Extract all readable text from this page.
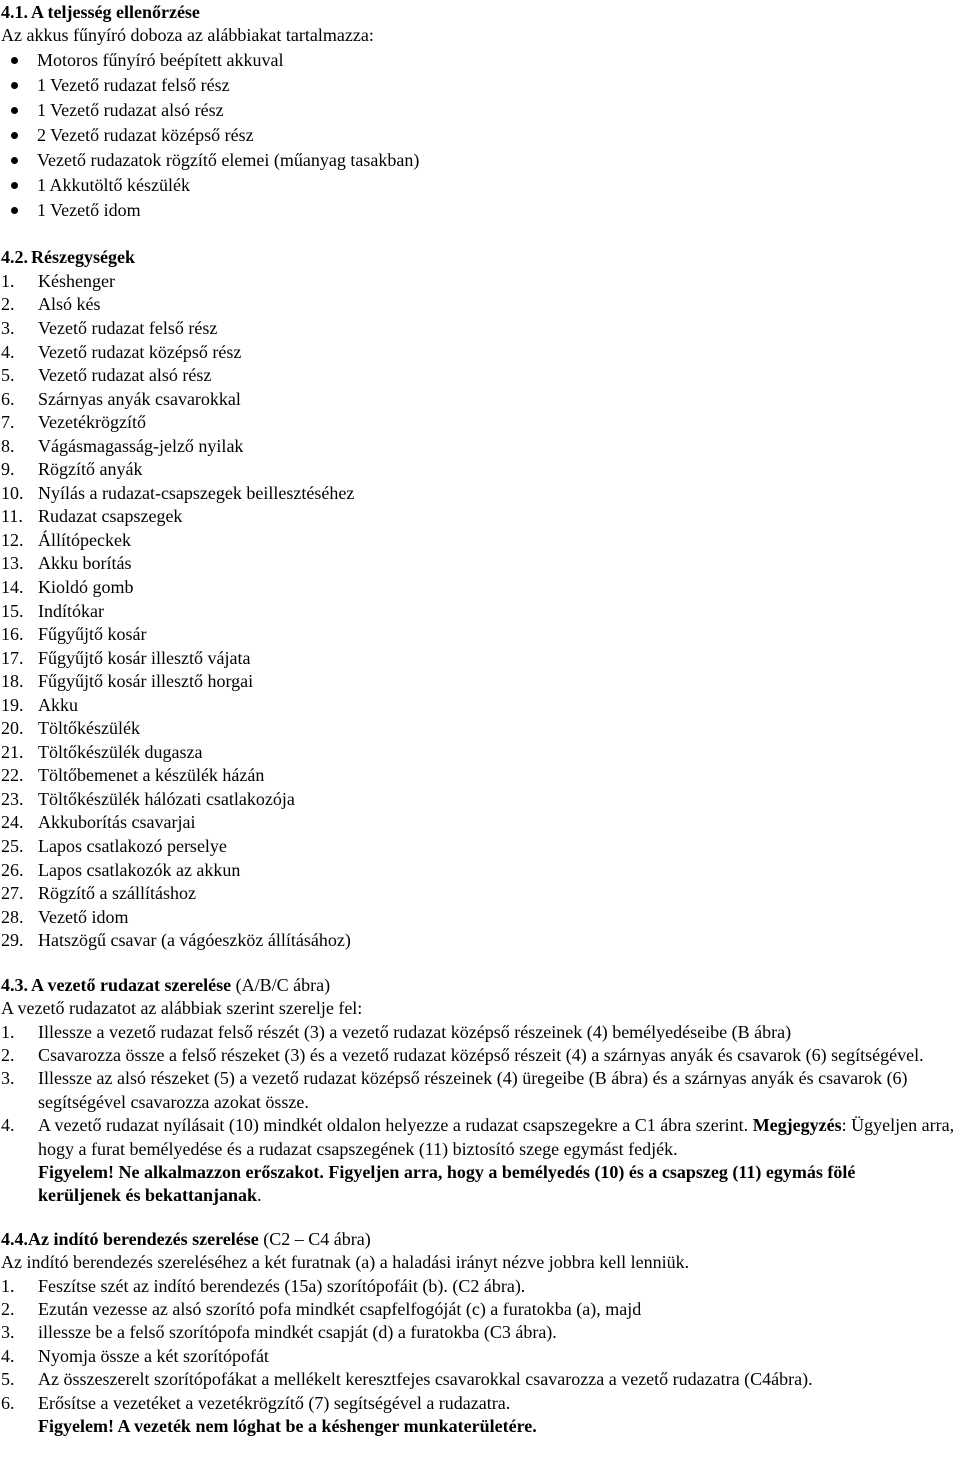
4.1. A teljesség ellenőrzése
Az akkus fűnyíró doboza az alábbiakat tartalmazza:
Motoros fűnyíró beépített akkuval
1 Vezető rudazat felső rész
1 Vezető rudazat alsó rész
2 Vezető rudazat középső rész
Vezető rudazatok rögzítő elemei (műanyag tasakban)
1 Akkutöltő készülék
1 Vezető idom
4.2. Részegységek
1. Késhenger
2. Alsó kés
3. Vezető rudazat felső rész
4. Vezető rudazat középső rész
5. Vezető rudazat alsó rész
6. Szárnyas anyák csavarokkal
7. Vezetékrögzítő
8. Vágásmagasság-jelző nyilak
9. Rögzítő anyák
10. Nyílás a rudazat-csapszegek beillesztéséhez
11. Rudazat csapszegek
12. Állítópeckek
13. Akku borítás
14. Kioldó gomb
15. Indítókar
16. Fűgyűjtő kosár
17. Fűgyűjtő kosár illesztő vájata
18. Fűgyűjtő kosár illesztő horgai
19. Akku
20. Töltőkészülék
21. Töltőkészülék dugasza
22. Töltőbemenet a készülék házán
23. Töltőkészülék hálózati csatlakozója
24. Akkuborítás csavarjai
25. Lapos csatlakozó perselye
26. Lapos csatlakozók az akkun
27. Rögzítő a szállításhoz
28. Vezető idom
29. Hatszögű csavar (a vágóeszköz állításához)
4.3. A vezető rudazat szerelése (A/B/C ábra)
A vezető rudazatot az alábbiak szerint szerelje fel:
1. Illessze a vezető rudazat felső részét (3) a vezető rudazat középső részeinek (4) bemélyedéseibe (B ábra)
2. Csavarozza össze a felső részeket (3) és a vezető rudazat középső részeit (4) a szárnyas anyák és csavarok (6) segítségével.
3. Illessze az alsó részeket (5) a vezető rudazat középső részeinek (4) üregeibe (B ábra) és a szárnyas anyák és csavarok (6) segítségével csavarozza azokat össze.
4. A vezető rudazat nyílásait (10) mindkét oldalon helyezze a rudazat csapszegekre a C1 ábra szerint. Megjegyzés: Ügyeljen arra, hogy a furat bemélyedése és a rudazat csapszegének (11) biztosító szege egymást fedjék.
Figyelem! Ne alkalmazzon erőszakot. Figyeljen arra, hogy a bemélyedés (10) és a csapszeg (11) egymás fölé
kerüljenek és bekattanjanak.
4.4.Az indító berendezés szerelése (C2 – C4 ábra)
Az indító berendezés szereléséhez a két furatnak (a) a haladási irányt nézve jobbra kell lenniük.
1. Feszítse szét az indító berendezés (15a) szorítópofáit (b). (C2 ábra).
2. Ezután vezesse az alsó szorító pofa mindkét csapfelfogóját (c) a furatokba (a), majd
3. illessze be a felső szorítópofa mindkét csapját (d) a furatokba (C3 ábra).
4. Nyomja össze a két szorítópofát
5. Az összeszerelt szorítópofákat a mellékelt keresztfejes csavarokkal csavarozza a vezető rudazatra (C4ábra).
6. Erősítse a vezetéket a vezetékrögzítő (7) segítségével a rudazatra.
Figyelem! A vezeték nem lóghat be a késhenger munkaterületére.
